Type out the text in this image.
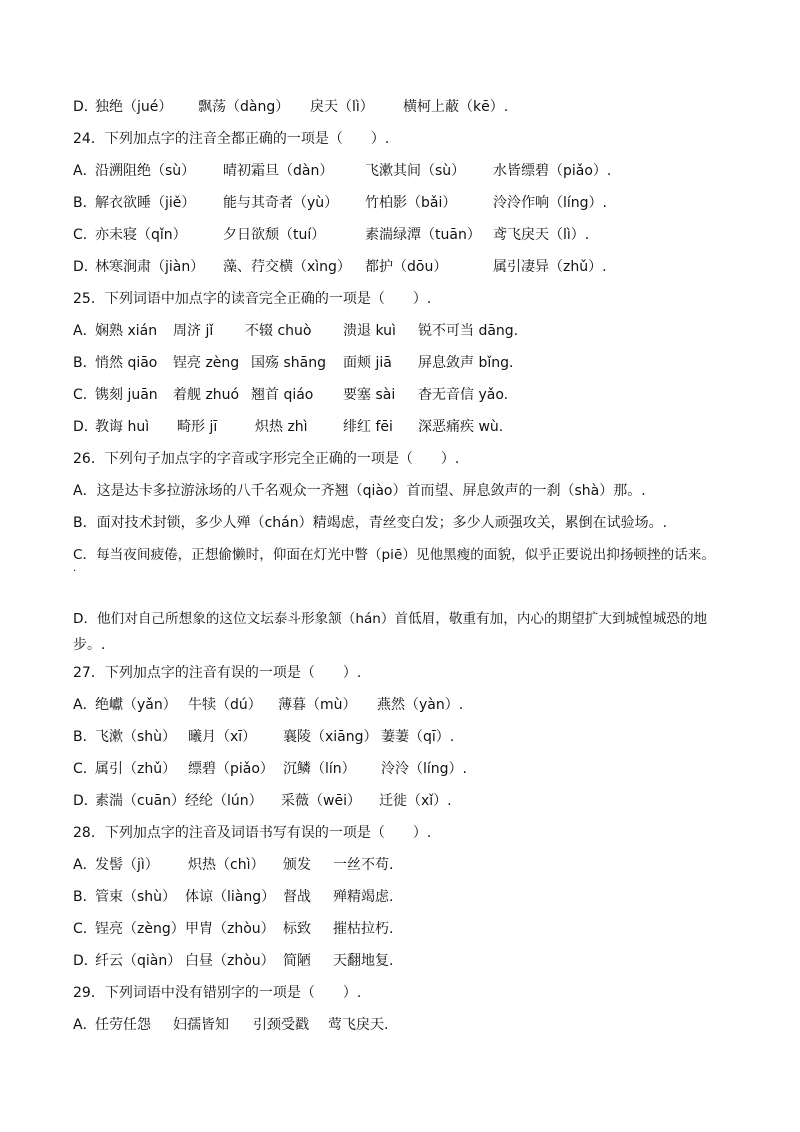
D．
独绝（jué） 飘荡（dàng） 戾天（lì） 横柯上蔽（kē）.
24．下列加点字的注音全都正确的一项是（　　）.
A．
沿溯阻绝（sù） 晴初霜旦（dàn） 飞漱其间（sù） 水皆缥碧（piǎo）.
B．
解衣欲睡（jiě） 能与其奇者（yù） 竹柏影（bǎi）	泠泠作响（líng）.
C．
亦未寝（qǐn）	夕日欲颓（tuí）	素湍绿潭（tuān） 鸢飞戾天（lì）.
D．
林寒涧肃（jiàn） 藻、荇交横（xìng） 都护（dōu）	属引凄异（zhǔ）.
25．下列词语中加点字的读音完全正确的一项是（　　）.
A．
娴熟 xián 周济 jǐ 不辍 chuò 溃退 kuì 锐不可当 dāng.
B．
悄然 qiāo 锃亮 zèng 国殇 shāng 面颊 jiā 屏息敛声 bǐng.
C．
镌刻 juān 着舰 zhuó 翘首 qiáo 要塞 sài 杳无音信 yǎo.
D．
教诲 huì 畸形 jī	炽热 zhì	绯红 fēi 深恶痛疾 wù.
26．下列句子加点字的字音或字形完全正确的一项是（　　）.
A．这是达卡多拉游泳场的八千名观众一齐翘（qiào）首而望、屏息敛声的一刹（shà）那。.
B．面对技术封锁，多少人殚（chán）精竭虑，青丝变白发；多少人顽强攻关，累倒在试验场。.
C．每当夜间疲倦，正想偷懒时，仰面在灯光中瞥（piē）见他黑瘦的面貌，似乎正要说出抑扬顿挫的话来。
.
D．他们对自己所想象的这位文坛泰斗形象颔（hán）首低眉，敬重有加，内心的期望扩大到城惶城恐的地
步。.
27．下列加点字的注音有误的一项是（　　）.
A．
绝巘（yǎn） 牛犊（dú） 薄暮（mù） 燕然（yàn）.
B．
飞漱（shù） 曦月（xī） 襄陵（xiāng） 萋萋（qī）.
C．
属引（zhǔ） 缥碧（piǎo） 沉鳞（lín） 泠泠（líng）.
D．
素湍（cuān） 经纶（lún） 采薇（wēi） 迁徙（xǐ）.
28．下列加点字的注音及词语书写有误的一项是（　　）.
A．
发髻（jì） 炽热（chì） 颁发 一丝不苟.
B．
管束（shù） 体谅（liàng） 督战 殚精竭虑.
C．
锃亮（zèng） 甲胄（zhòu） 标致 摧枯拉朽.
D．
纤云（qiàn） 白昼（zhòu） 简陋 天翻地复.
29．下列词语中没有错别字的一项是（　　）.
A．
任劳任怨 妇孺皆知 引颈受戳 莺飞戾天.
